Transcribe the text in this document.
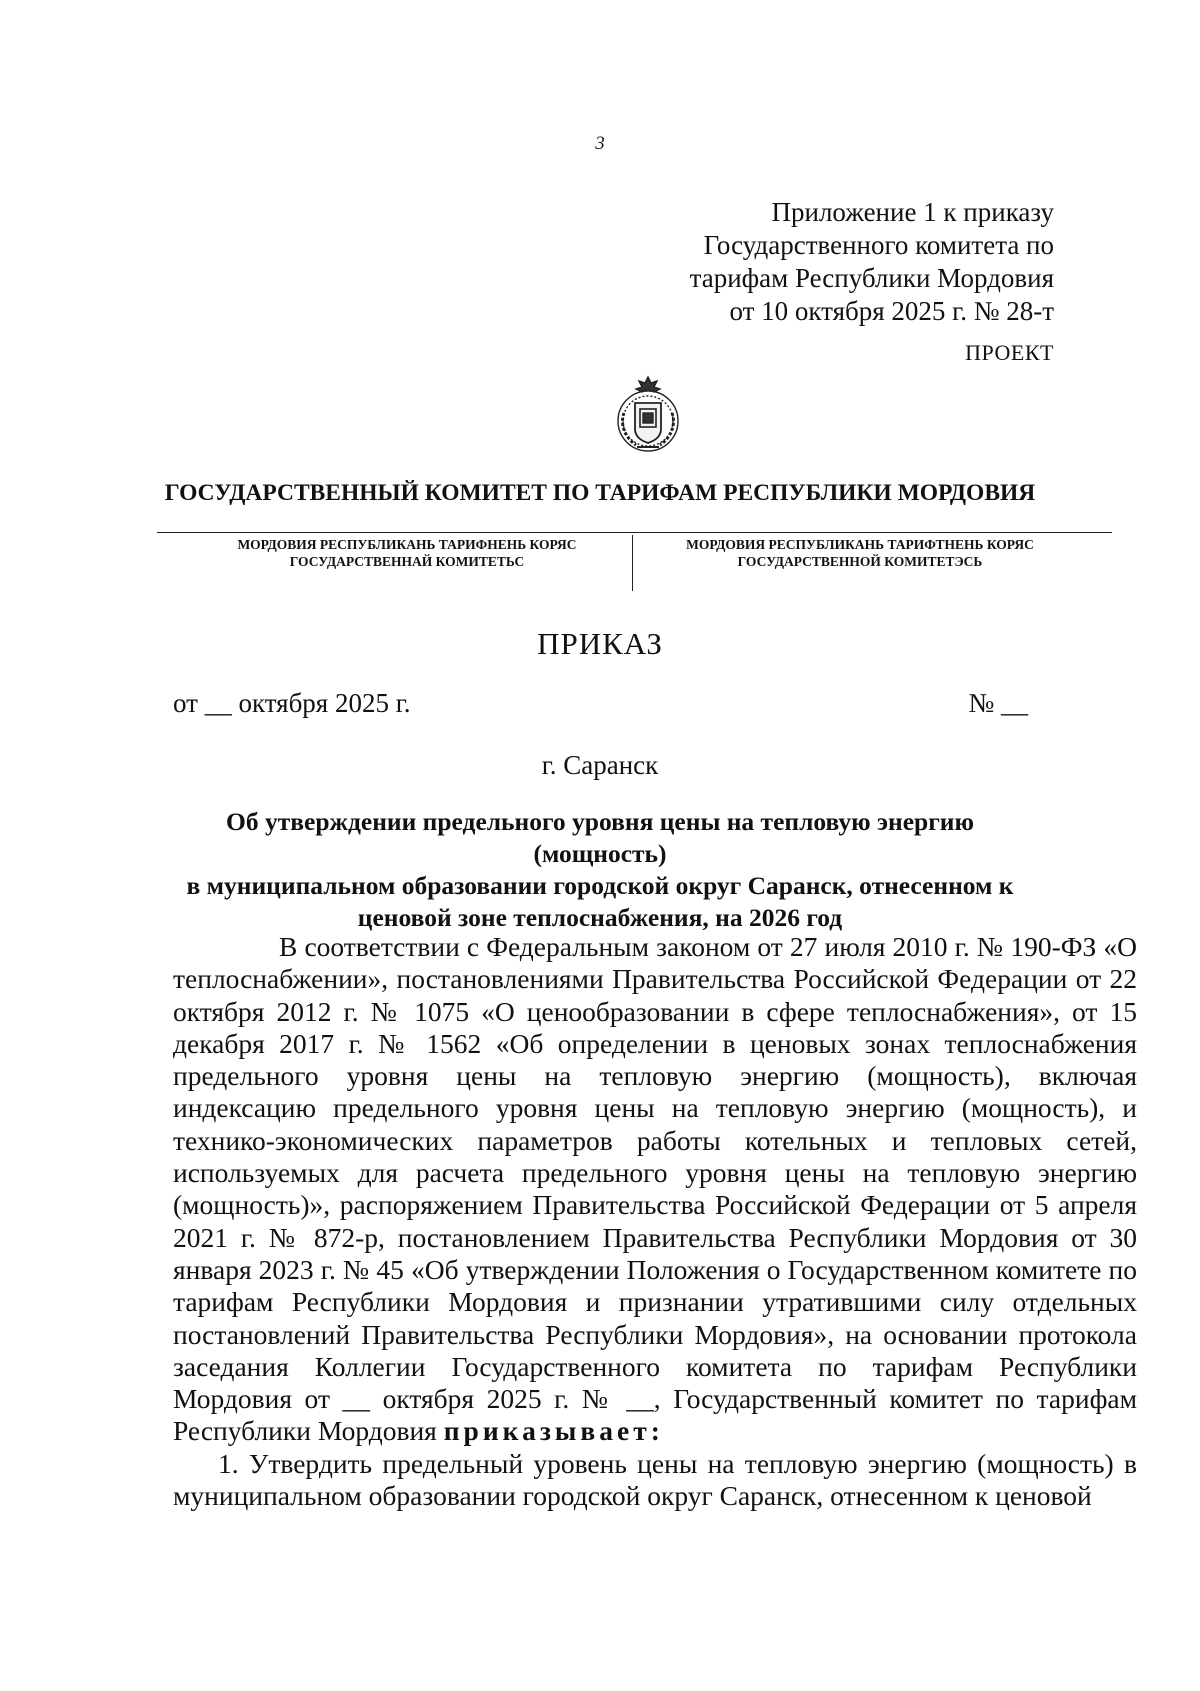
3
Приложение 1 к приказу
Государственного комитета по
тарифам Республики Мордовия
от 10 октября 2025 г. № 28-т
ПРОЕКТ
ГОСУДАРСТВЕННЫЙ КОМИТЕТ ПО ТАРИФАМ РЕСПУБЛИКИ МОРДОВИЯ
МОРДОВИЯ РЕСПУБЛИКАНЬ ТАРИФНЕНЬ КОРЯС
ГОСУДАРСТВЕННАЙ КОМИТЕТЬС
МОРДОВИЯ РЕСПУБЛИКАНЬ ТАРИФТНЕНЬ КОРЯС
ГОСУДАРСТВЕННОЙ КОМИТЕТЭСЬ
ПРИКАЗ
от __ октября 2025 г.	№ __
г. Саранск
Об утверждении предельного уровня цены на тепловую энергию (мощность)
в муниципальном образовании городской округ Саранск, отнесенном к
ценовой зоне теплоснабжения, на 2026 год

В соответствии с Федеральным законом от 27 июля 2010 г. № 190-ФЗ «О теплоснабжении», постановлениями Правительства Российской Федерации от 22 октября 2012 г. № 1075 «О ценообразовании в сфере теплоснабжения», от 15 декабря 2017 г. № 1562 «Об определении в ценовых зонах теплоснабжения предельного уровня цены на тепловую энергию (мощность), включая индексацию предельного уровня цены на тепловую энергию (мощность), и технико-экономических параметров работы котельных и тепловых сетей, используемых для расчета предельного уровня цены на тепловую энергию (мощность)», распоряжением Правительства Российской Федерации от 5 апреля 2021 г. № 872-р, постановлением Правительства Республики Мордовия от 30 января 2023 г. № 45 «Об утверждении Положения о Государственном комитете по тарифам Республики Мордовия и признании утратившими силу отдельных постановлений Правительства Республики Мордовия», на основании протокола заседания Коллегии Государственного комитета по тарифам Республики Мордовия от __ октября 2025 г. № __, Государственный комитет по тарифам Республики Мордовия приказывает:

1. Утвердить предельный уровень цены на тепловую энергию (мощность) в муниципальном образовании городской округ Саранск, отнесенном к ценовой
